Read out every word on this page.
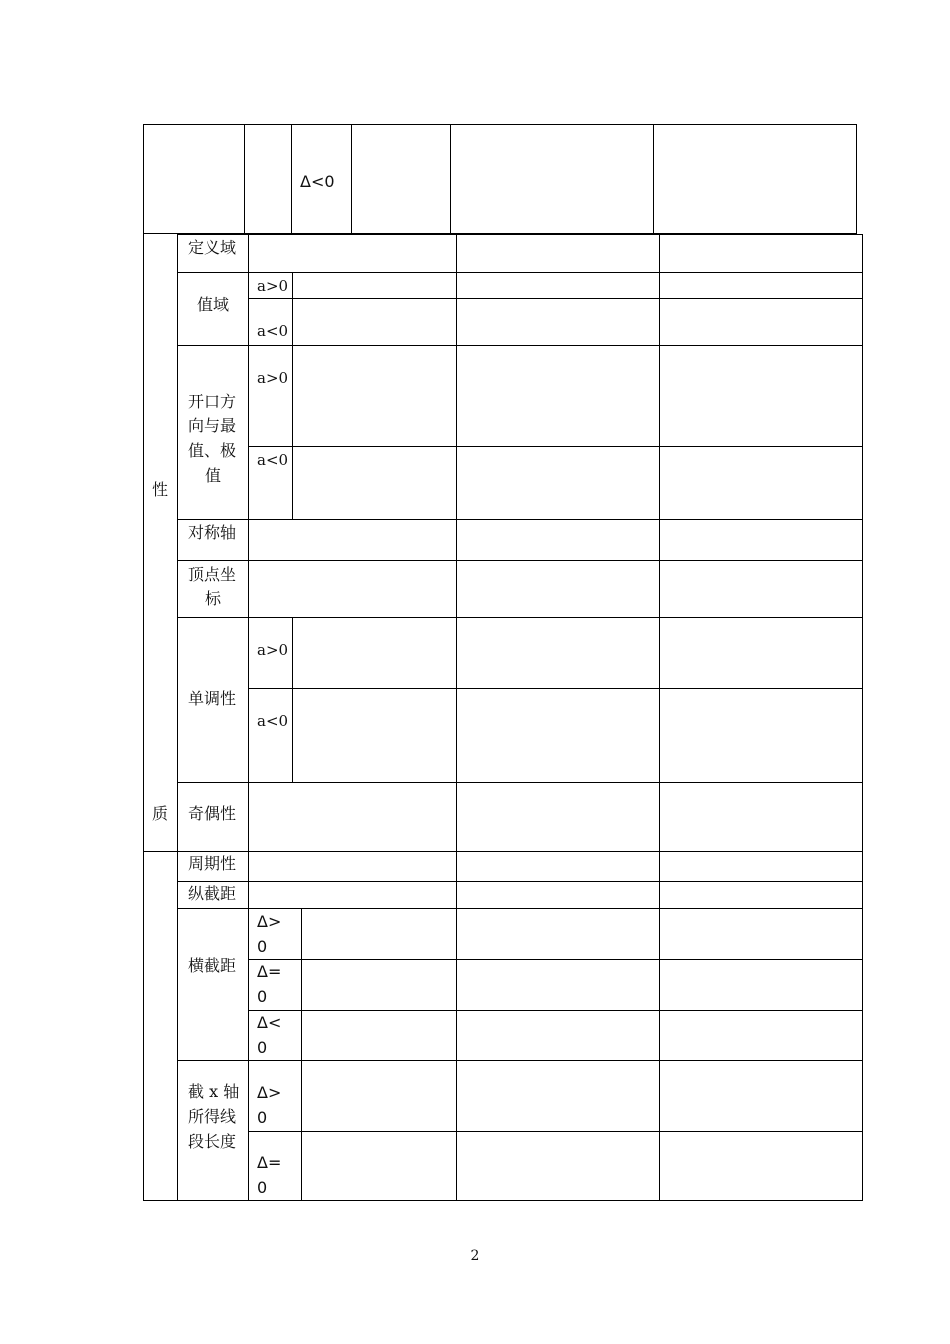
Δ<0
性
质
定义域
值域
开口方
向与最
值、极
值
对称轴
顶点坐
标
单调性
奇偶性
周期性
纵截距
横截距
截 x 轴
所得线
段长度
a>0
a<0
a>0
a<0
a>0
a<0
Δ>
0
Δ=
0
Δ<
0
Δ>
0
Δ=
0
2
